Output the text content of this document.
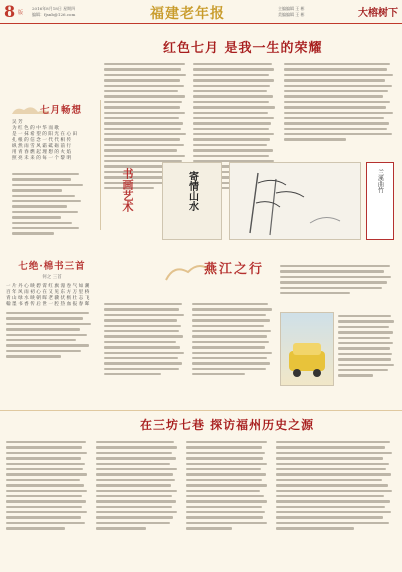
8 版
2016年8月18日 星期四
编辑：fjsnb@126.com	福建老年报	主编编辑 王 彬
美编编辑 王 彬	大榕树下
红色七月 是我一生的荣耀
七月畅想
吴 芳
为 红 色 的 中 华 而 歌
是 一 抹 希 望 的 阳 光 在 心 田
扎 根 的 信 念 一 代 代 相 传
纵 然 雨 雪 风 霜 砥 砺 前 行
用 青 春 燃 起 理 想 的 火 焰
照 亮 未 来 的 每 一 个 黎 明
书画艺术	寄情山水	兰溪曲竹
燕江之行
七绝·棉书三首
何之 三首
一 片 丹 心 映 碧 霄 红 旗 漫 卷 气 如 潮
百 年 风 雨 初 心 在 又 见 东 方 万 里 桥
青 山 绿 水 映 朝 晖 老 骥 伏 枥 壮 志 飞
翰 墨 书 香 传 后 世 一 腔 热 血 报 春 晖
在三坊七巷 探访福州历史之源
